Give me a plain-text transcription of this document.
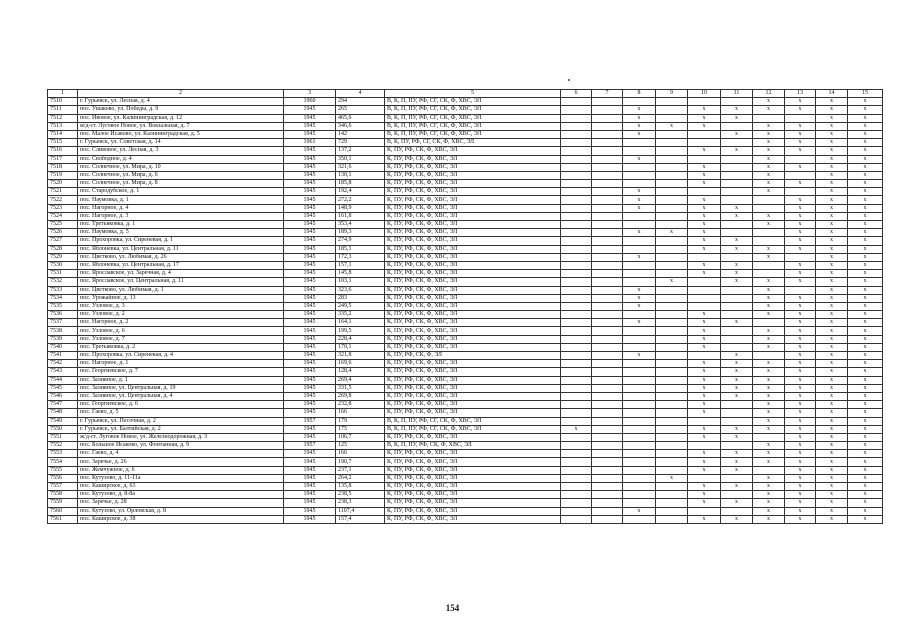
1	2	3	4	5	6	7	8	9	10	11	12	13	14	15
7510	г. Гурьевск, ул. Лесная, д. 4	1960	294	В, К, П, ПУ, РФ, СГ, СК, Ф, ХВС, ЭЛ							х	х	х	х
7511	пос. Ушаково, ул. Победы, д. 9	1945	265	В, К, П, ПУ, РФ, СГ, СК, Ф, ХВС, ЭЛ			х		х	х	х	х	х	х
7512	пос. Ивовое, ул. Калининградская, д. 12	1945	465,6	В, К, П, ПУ, РФ, СГ, СК, Ф, ХВС, ЭЛ			х		х	х			х	х
7513	м/д-ст. Луговое Новое, ул. Вокзальная, д. 7	1945	346,6	В, К, П, ПУ, РФ, СГ, СК, Ф, ХВС, ЭЛ			х	х	х		х	х	х	х
7514	пос. Малое Исаково, ул. Калининградская, д. 5	1945	142	В, К, П, ПУ, РФ, СГ, СК, Ф, ХВС, ЭЛ			х			х	х	х	х	х
7515	г. Гурьевск, ул. Советская, д. 14	1961	729	В, К, ПУ, РФ, СГ, СК, Ф, ХВС, ЭЛ							х	х	х	х
7516	пос. Сливовое, ул. Лесная, д. 3	1945	137,2	К, ПУ, РФ, СК, Ф, ХВС, ЭЛ					х	х	х	х	х	х
7517	пос. Свободное, д. 4	1945	350,1	К, ПУ, РФ, СК, Ф, ХВС, ЭЛ			х				х		х	х
7518	пос. Солнечное, ул. Мира, д. 10	1945	321,6	К, ПУ, РФ, СК, Ф, ХВС, ЭЛ					х		х	х	х	х
7519	пос. Солнечное, ул. Мира, д. 6	1945	130,1	К, ПУ, РФ, СК, Ф, ХВС, ЭЛ					х		х		х	х
7520	пос. Солнечное, ул. Мира, д. 8	1945	185,8	К, ПУ, РФ, СК, Ф, ХВС, ЭЛ					х		х	х	х	х
7521	пос. Стародубское, д. 1	1945	192,4	К, ПУ, РФ, СК, Ф, ХВС, ЭЛ			х				х		х	х
7522	пос. Наумовка, д. 1	1945	272,2	К, ПУ, РФ, СК, Ф, ХВС, ЭЛ			х		х			х	х	х
7523	пос. Нагорное, д. 4	1945	148,9	К, ПУ, РФ, СК, Ф, ХВС, ЭЛ			х		х	х		х	х	х
7524	пос. Нагорное, д. 3	1945	161,8	К, ПУ, РФ, СК, Ф, ХВС, ЭЛ					х	х	х	х	х	х
7525	пос. Третьяковка, д. 1	1945	353,4	К, ПУ, РФ, СК, Ф, ХВС, ЭЛ					х		х	х	х	х
7526	пос. Наумовка, д. 5	1945	189,3	К, ПУ, РФ, СК, Ф, ХВС, ЭЛ			х	х	х			х	х	х
7527	пос. Прохоровка, ул. Сиреневая, д. 1	1945	274,9	К, ПУ, РФ, СК, Ф, ХВС, ЭЛ					х	х		х	х	х
7528	пос. Яблоневка, ул. Центральная, д. 11	1945	185,1	К, ПУ, РФ, СК, Ф, ХВС, ЭЛ					х	х	х	х	х	х
7529	пос. Цветково, ул. Любимая, д. 26	1945	172,3	К, ПУ, РФ, СК, Ф, ХВС, ЭЛ			х				х		х	х
7530	пос. Яблоневка, ул. Центральная, д. 17	1945	157,1	К, ПУ, РФ, СК, Ф, ХВС, ЭЛ					х	х		х	х	х
7531	пос. Ярославское, ул. Заречная, д. 4	1945	145,8	К, ПУ, РФ, СК, Ф, ХВС, ЭЛ					х	х		х	х	х
7532	пос. Ярославское, ул. Центральная, д. 11	1945	103,1	К, ПУ, РФ, СК, Ф, ХВС, ЭЛ				х		х	х	х	х	х
7533	пос. Цветково, ул. Любимая, д. 1	1945	323,6	К, ПУ, РФ, СК, Ф, ХВС, ЭЛ			х				х		х	х
7534	пос. Урожайное, д. 13	1945	283	К, ПУ, РФ, СК, Ф, ХВС, ЭЛ			х				х	х	х	х
7535	пос. Узловое, д. 3	1945	249,5	К, ПУ, РФ, СК, Ф, ХВС, ЭЛ			х				х	х	х	х
7536	пос. Узловое, д. 2	1945	335,2	К, ПУ, РФ, СК, Ф, ХВС, ЭЛ					х		х	х	х	х
7537	пос. Нагорное, д. 2	1945	164,1	К, ПУ, РФ, СК, Ф, ХВС, ЭЛ			х		х	х		х	х	х
7538	пос. Узловое, д. 6	1945	199,5	К, ПУ, РФ, СК, Ф, ХВС, ЭЛ					х		х	х	х	х
7539	пос. Узловое, д. 7	1945	228,4	К, ПУ, РФ, СК, Ф, ХВС, ЭЛ					х		х	х	х	х
7540	пос. Третьяковка, д. 2	1945	170,1	К, ПУ, РФ, СК, Ф, ХВС, ЭЛ					х		х	х	х	х
7541	пос. Прохоровка, ул. Сиреневая, д. 4	1945	321,8	К, ПУ, РФ, СК, Ф, ЭЛ			х			х		х	х	х
7542	пос. Нагорное, д. 1	1945	169,6	К, ПУ, РФ, СК, Ф, ХВС, ЭЛ					х	х	х	х	х	х
7543	пос. Георгиевское, д. 7	1945	128,4	К, ПУ, РФ, СК, Ф, ХВС, ЭЛ					х	х	х	х	х	х
7544	пос. Заливное, д. 1	1945	269,4	К, ПУ, РФ, СК, Ф, ХВС, ЭЛ					х	х	х	х	х	х
7545	пос. Заливное, ул. Центральная, д. 19	1945	331,5	К, ПУ, РФ, СК, Ф, ХВС, ЭЛ					х	х	х	х	х	х
7546	пос. Заливное, ул. Центральная, д. 4	1945	269,8	К, ПУ, РФ, СК, Ф, ХВС, ЭЛ					х	х	х	х	х	х
7547	пос. Георгиевское, д. 6	1945	232,8	К, ПУ, РФ, СК, Ф, ХВС, ЭЛ					х		х	х	х	х
7548	пос. Гаево, д. 5	1945	166	К, ПУ, РФ, СК, Ф, ХВС, ЭЛ					х		х	х	х	х
7549	г. Гурьевск, ул. Песочная, д. 2	1957	179	В, К, П, ПУ, РФ, СГ, СК, Ф, ХВС, ЭЛ							х	х	х	х
7550	г. Гурьевск, ул. Балтийская, д. 2	1945	175	В, К, П, ПУ, РФ, СГ, СК, Ф, ХВС, ЭЛ	х				х	х	х	х	х	х
7551	ж/д-ст. Луговое Новое, ул. Железнодорожная, д. 3	1945	106,7	К, ПУ, РФ, СК, Ф, ХВС, ЭЛ					х	х		х	х	х
7552	пос. Большое Исаково, ул. Фонтанная, д. 9	1957	125	В, К, П, ПУ, РФ, СК, Ф, ХВС, ЭЛ							х	х	х	х
7553	пос. Гаево, д. 4	1945	166	К, ПУ, РФ, СК, Ф, ХВС, ЭЛ					х	х	х	х	х	х
7554	пос. Заречье, д. 26	1945	190,7	К, ПУ, РФ, СК, Ф, ХВС, ЭЛ					х	х	х	х	х	х
7555	пос. Жемчужное, д. 6	1945	237,1	К, ПУ, РФ, СК, Ф, ХВС, ЭЛ					х	х		х	х	х
7556	пос. Кутузово, д. 11-11а	1945	264,2	К, ПУ, РФ, СК, Ф, ХВС, ЭЛ				х			х	х	х	х
7557	пос. Каширское, д. 63	1945	135,8	К, ПУ, РФ, СК, Ф, ХВС, ЭЛ					х	х	х	х	х	х
7558	пос. Кутузово, д. 8-8а	1945	238,5	К, ПУ, РФ, СК, Ф, ХВС, ЭЛ					х		х	х	х	х
7559	пос. Заречье, д. 28	1945	238,3	К, ПУ, РФ, СК, Ф, ХВС, ЭЛ					х	х	х	х	х	х
7560	пос. Кутузово, ул. Орловская, д. 8	1945	1107,4	К, ПУ, РФ, СК, Ф, ХВС, ЭЛ			х				х	х	х	х
7561	пос. Каширское, д. 38	1945	157,4	К, ПУ, РФ, СК, Ф, ХВС, ЭЛ					х	х	х	х	х	х
154
